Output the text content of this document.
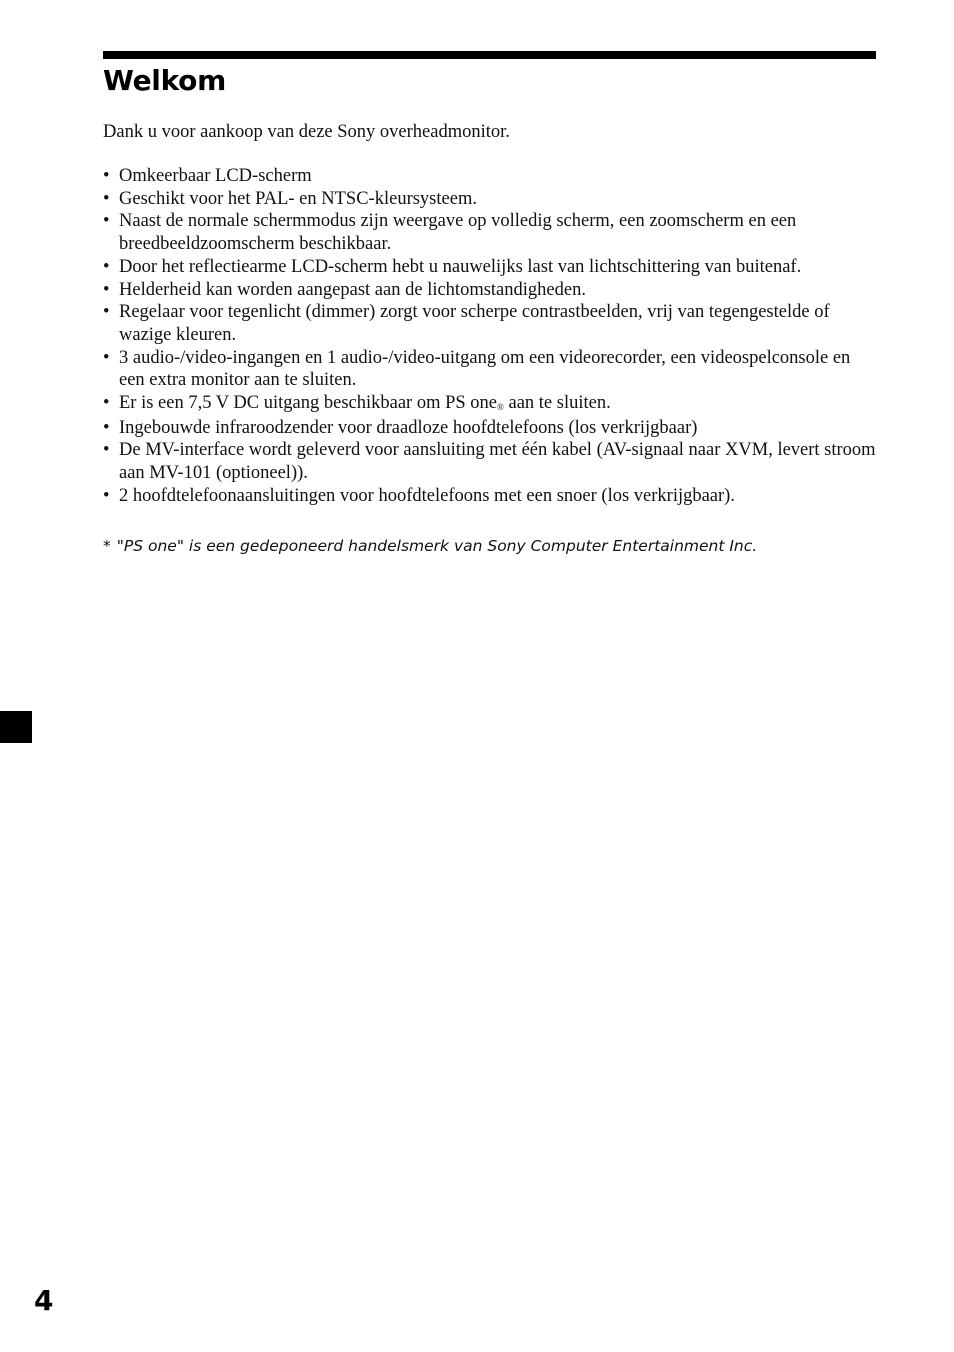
Welkom

Dank u voor aankoop van deze Sony overheadmonitor.

• Omkeerbaar LCD-scherm
• Geschikt voor het PAL- en NTSC-kleursysteem.
• Naast de normale schermmodus zijn weergave op volledig scherm, een zoomscherm en een breedbeeldzoomscherm beschikbaar.
• Door het reflectiearme LCD-scherm hebt u nauwelijks last van lichtschittering van buitenaf.
• Helderheid kan worden aangepast aan de lichtomstandigheden.
• Regelaar voor tegenlicht (dimmer) zorgt voor scherpe contrastbeelden, vrij van tegengestelde of wazige kleuren.
• 3 audio-/video-ingangen en 1 audio-/video-uitgang om een videorecorder, een videospelconsole en een extra monitor aan te sluiten.
• Er is een 7,5 V DC uitgang beschikbaar om PS one® aan te sluiten.
• Ingebouwde infraroodzender voor draadloze hoofdtelefoons (los verkrijgbaar)
• De MV-interface wordt geleverd voor aansluiting met één kabel (AV-signaal naar XVM, levert stroom aan MV-101 (optioneel)).
• 2 hoofdtelefoonaansluitingen voor hoofdtelefoons met een snoer (los verkrijgbaar).

* "PS one" is een gedeponeerd handelsmerk van Sony Computer Entertainment Inc.

4
